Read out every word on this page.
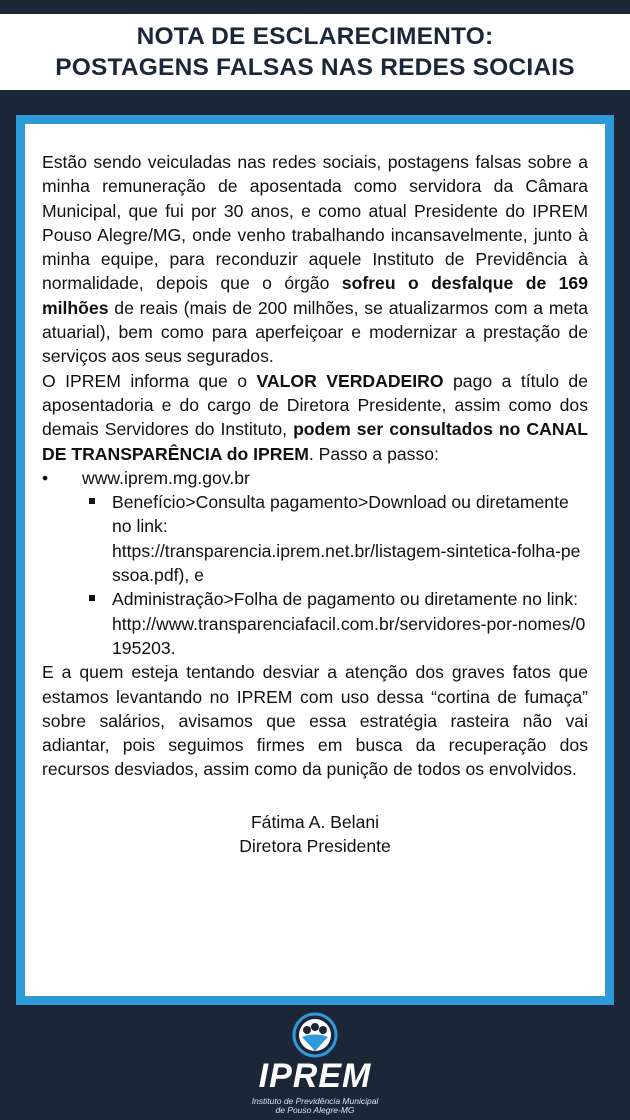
NOTA DE ESCLARECIMENTO:
POSTAGENS FALSAS NAS REDES SOCIAIS

Estão sendo veiculadas nas redes sociais, postagens falsas sobre a minha remuneração de aposentada como servidora da Câmara Municipal, que fui por 30 anos, e como atual Presidente do IPREM Pouso Alegre/MG, onde venho trabalhando incansavelmente, junto à minha equipe, para reconduzir aquele Instituto de Previdência à normalidade, depois que o órgão sofreu o desfalque de 169 milhões de reais (mais de 200 milhões, se atualizarmos com a meta atuarial), bem como para aperfeiçoar e modernizar a prestação de serviços aos seus segurados.

O IPREM informa que o VALOR VERDADEIRO pago a título de aposentadoria e do cargo de Diretora Presidente, assim como dos demais Servidores do Instituto, podem ser consultados no CANAL DE TRANSPARÊNCIA do IPREM. Passo a passo:

• www.iprem.mg.gov.br
Benefício>Consulta pagamento>Download ou diretamente no link:
https://transparencia.iprem.net.br/listagem-sintetica-folha-pessoa.pdf), e
Administração>Folha de pagamento ou diretamente no link:
http://www.transparenciafacil.com.br/servidores-por-nomes/0195203.

E a quem esteja tentando desviar a atenção dos graves fatos que estamos levantando no IPREM com uso dessa “cortina de fumaça” sobre salários, avisamos que essa estratégia rasteira não vai adiantar, pois seguimos firmes em busca da recuperação dos recursos desviados, assim como da punição de todos os envolvidos.

Fátima A. Belani
Diretora Presidente
IPREM
Instituto de Previdência Municipal
de Pouso Alegre-MG
